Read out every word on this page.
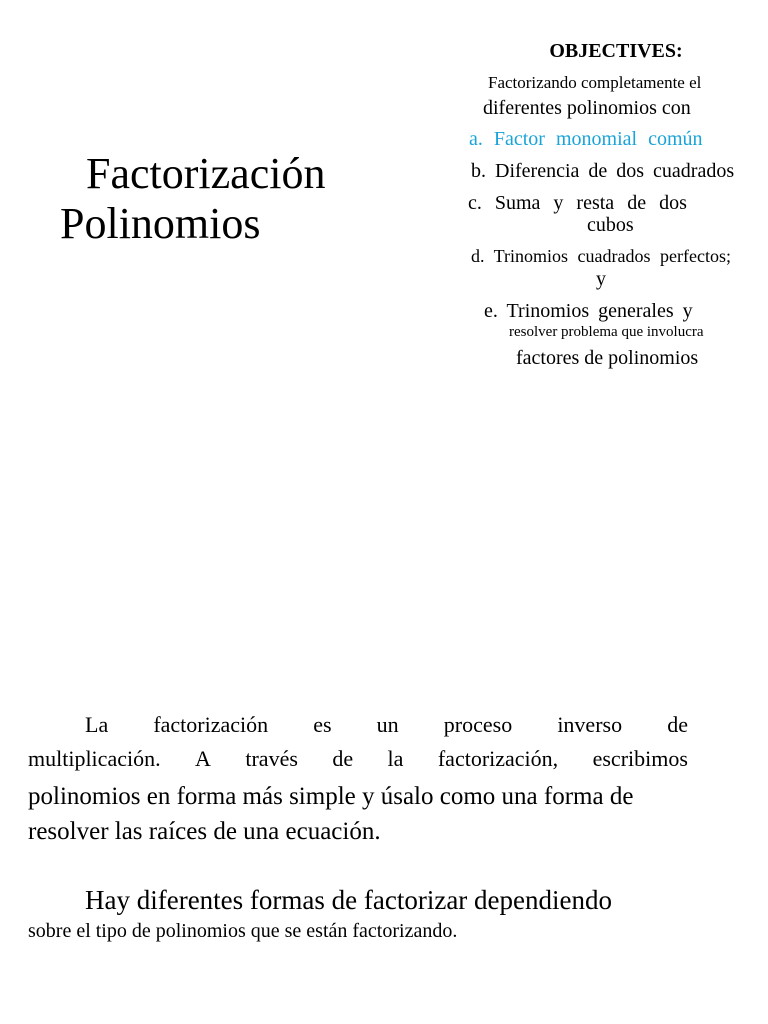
Factorización

Polinomios

OBJECTIVES:

Factorizando completamente el

diferentes polinomios con

a. Factor monomial común

b. Diferencia de dos cuadrados

c. Suma y resta de dos

cubos

d. Trinomios cuadrados perfectos;

y

e. Trinomios generales y

resolver problema que involucra

factores de polinomios

La factorización es un proceso inverso de
multiplicación. A través de la factorización, escribimos

polinomios en forma más simple y úsalo como una forma de

resolver las raíces de una ecuación.

Hay diferentes formas de factorizar dependiendo

sobre el tipo de polinomios que se están factorizando.
